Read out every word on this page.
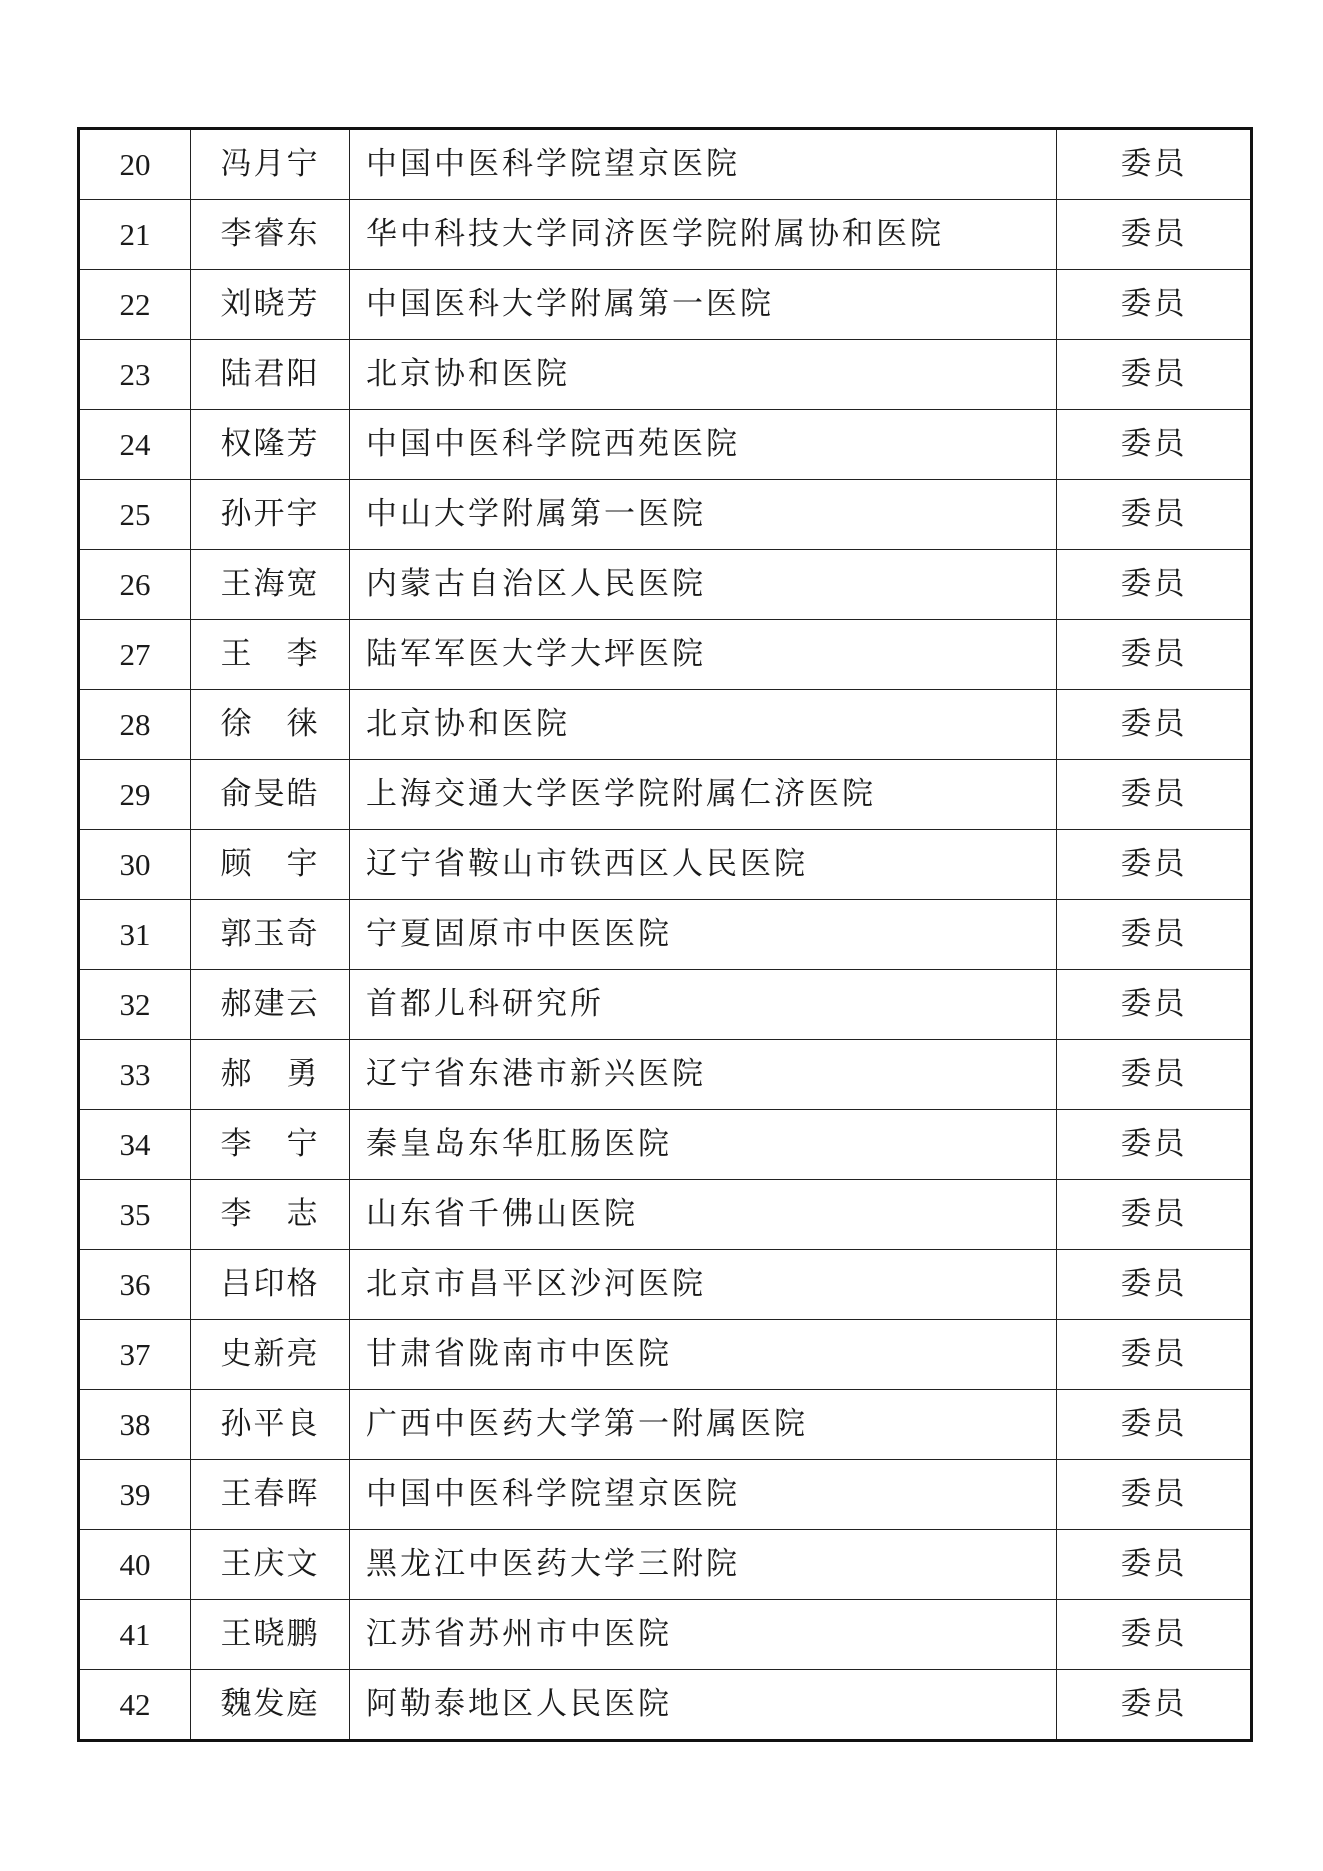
20	冯月宁	中国中医科学院望京医院	委员
21	李睿东	华中科技大学同济医学院附属协和医院	委员
22	刘晓芳	中国医科大学附属第一医院	委员
23	陆君阳	北京协和医院	委员
24	权隆芳	中国中医科学院西苑医院	委员
25	孙开宇	中山大学附属第一医院	委员
26	王海宽	内蒙古自治区人民医院	委员
27	王　李	陆军军医大学大坪医院	委员
28	徐　徕	北京协和医院	委员
29	俞旻皓	上海交通大学医学院附属仁济医院	委员
30	顾　宇	辽宁省鞍山市铁西区人民医院	委员
31	郭玉奇	宁夏固原市中医医院	委员
32	郝建云	首都儿科研究所	委员
33	郝　勇	辽宁省东港市新兴医院	委员
34	李　宁	秦皇岛东华肛肠医院	委员
35	李　志	山东省千佛山医院	委员
36	吕印格	北京市昌平区沙河医院	委员
37	史新亮	甘肃省陇南市中医院	委员
38	孙平良	广西中医药大学第一附属医院	委员
39	王春晖	中国中医科学院望京医院	委员
40	王庆文	黑龙江中医药大学三附院	委员
41	王晓鹏	江苏省苏州市中医院	委员
42	魏发庭	阿勒泰地区人民医院	委员
